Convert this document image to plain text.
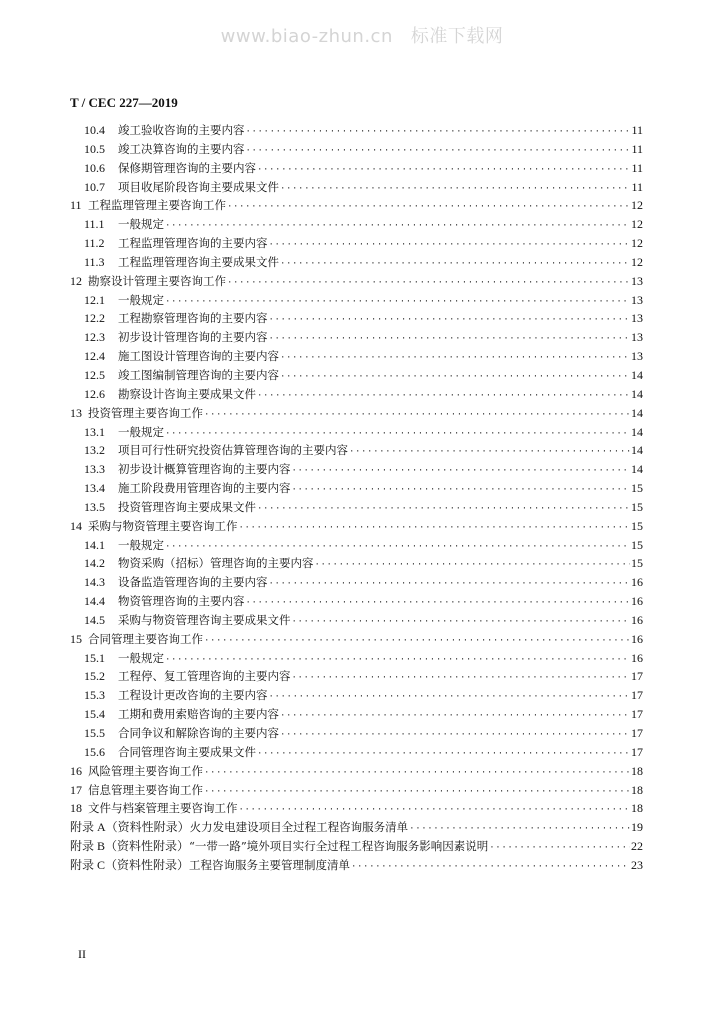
www.biao-zhun.cn 标准下载网
T / CEC 227—2019
10.4	竣工验收咨询的主要内容 ·····	11
10.5	竣工决算咨询的主要内容 ·····	11
10.6	保修期管理咨询的主要内容 ·····	11
10.7	项目收尾阶段咨询主要成果文件 ·····	11
11 工程监理管理主要咨询工作 ·····	12
11.1	一般规定 ·····	12
11.2	工程监理管理咨询的主要内容 ·····	12
11.3	工程监理管理咨询主要成果文件 ·····	12
12 勘察设计管理主要咨询工作 ·····	13
12.1	一般规定 ·····	13
12.2	工程勘察管理咨询的主要内容 ·····	13
12.3	初步设计管理咨询的主要内容 ·····	13
12.4	施工图设计管理咨询的主要内容 ·····	13
12.5	竣工图编制管理咨询的主要内容 ·····	14
12.6	勘察设计咨询主要成果文件 ·····	14
13 投资管理主要咨询工作 ·····	14
13.1	一般规定 ·····	14
13.2	项目可行性研究投资估算管理咨询的主要内容 ·····	14
13.3	初步设计概算管理咨询的主要内容 ·····	14
13.4	施工阶段费用管理咨询的主要内容 ·····	15
13.5	投资管理咨询主要成果文件 ·····	15
14 采购与物资管理主要咨询工作 ·····	15
14.1	一般规定 ·····	15
14.2	物资采购（招标）管理咨询的主要内容 ·····	15
14.3	设备监造管理咨询的主要内容 ·····	16
14.4	物资管理咨询的主要内容 ·····	16
14.5	采购与物资管理咨询主要成果文件 ·····	16
15 合同管理主要咨询工作 ·····	16
15.1	一般规定 ·····	16
15.2	工程停、复工管理咨询的主要内容 ·····	17
15.3	工程设计更改咨询的主要内容 ·····	17
15.4	工期和费用索赔咨询的主要内容 ·····	17
15.5	合同争议和解除咨询的主要内容 ·····	17
15.6	合同管理咨询主要成果文件 ·····	17
16 风险管理主要咨询工作 ·····	18
17 信息管理主要咨询工作 ·····	18
18 文件与档案管理主要咨询工作 ·····	18
附录 A（资料性附录） 火力发电建设项目全过程工程咨询服务清单 ·····	19
附录 B（资料性附录） “一带一路”境外项目实行全过程工程咨询服务影响因素说明 ·····	22
附录 C（资料性附录） 工程咨询服务主要管理制度清单 ·····	23
II
